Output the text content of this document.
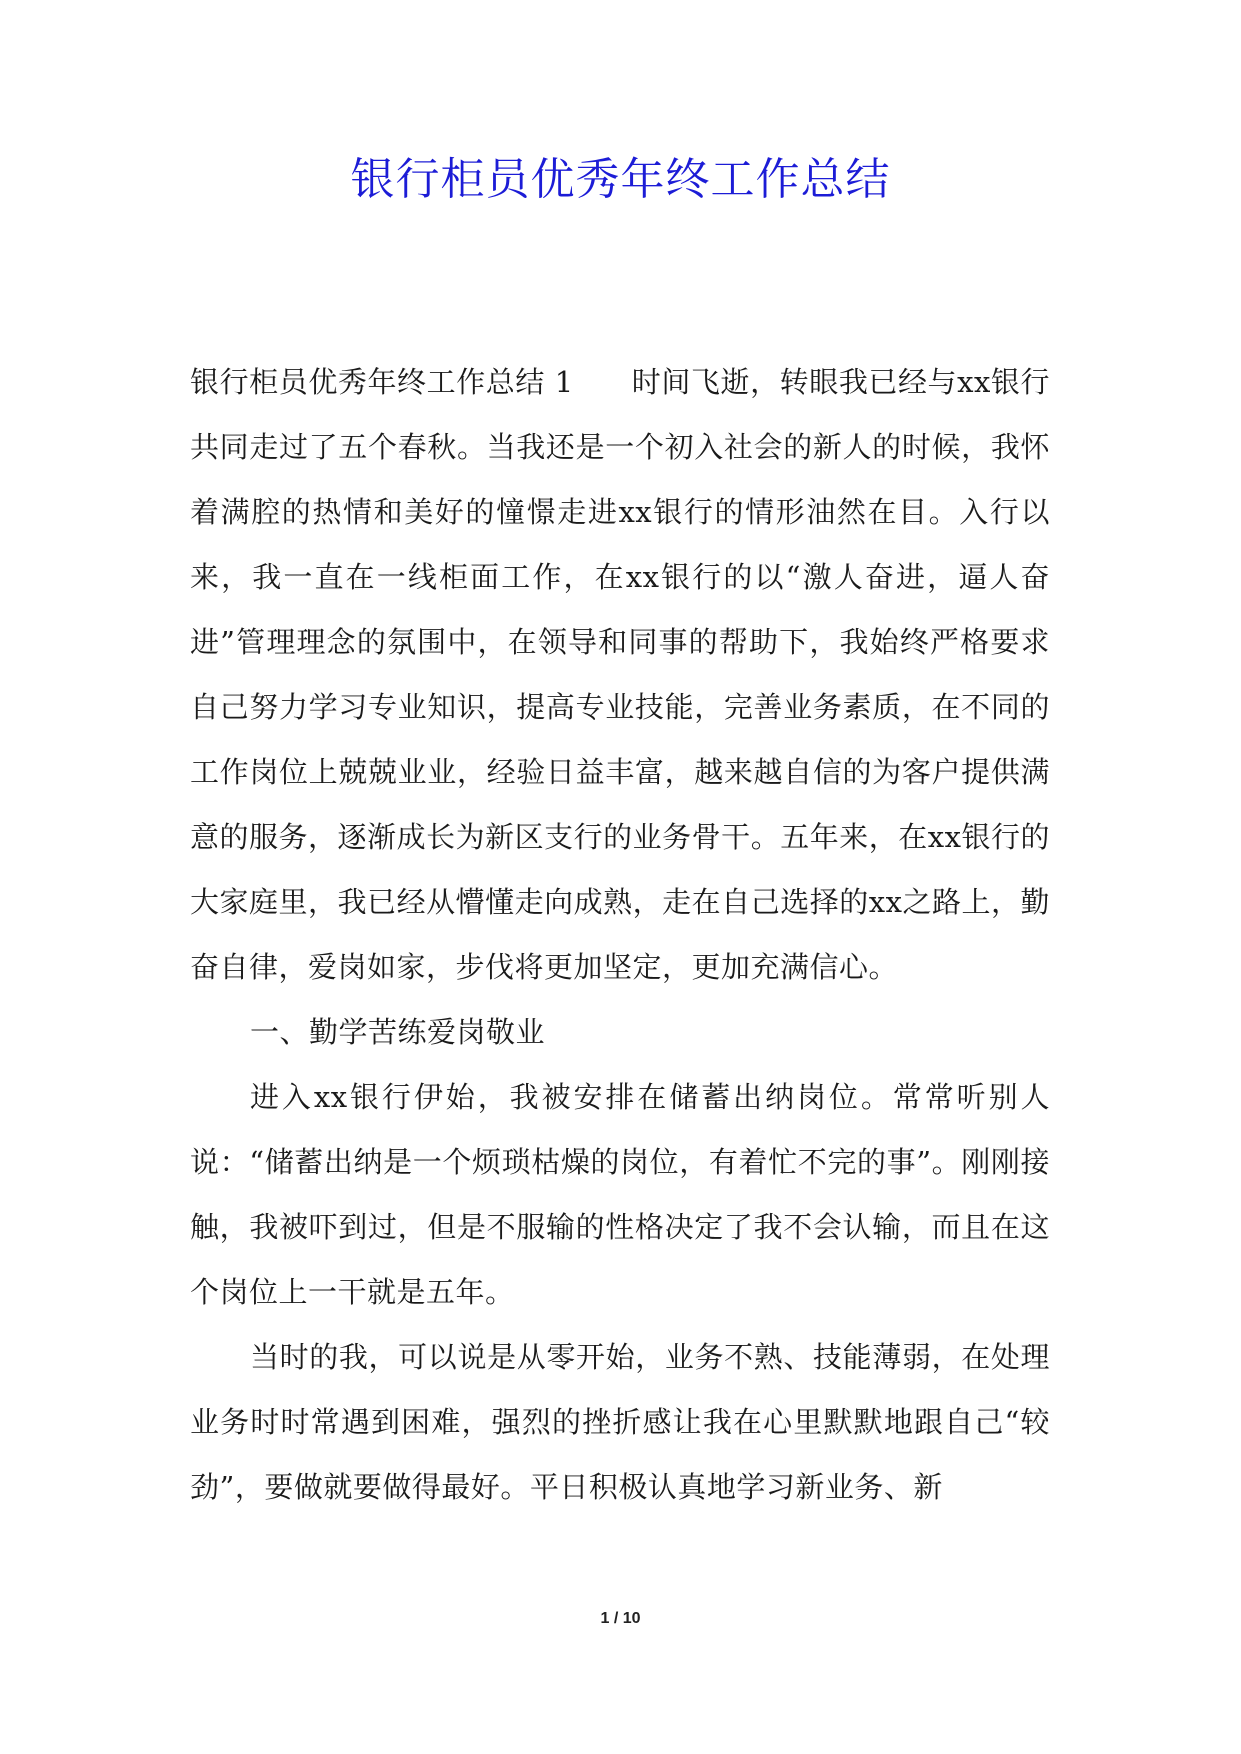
银行柜员优秀年终工作总结

银行柜员优秀年终工作总结 1 时间飞逝，转眼我已经与xx银行共同走过了五个春秋。当我还是一个初入社会的新人的时候，我怀着满腔的热情和美好的憧憬走进xx银行的情形油然在目。入行以来，我一直在一线柜面工作，在xx银行的以“激人奋进，逼人奋进”管理理念的氛围中，在领导和同事的帮助下，我始终严格要求自己努力学习专业知识，提高专业技能，完善业务素质，在不同的工作岗位上兢兢业业，经验日益丰富，越来越自信的为客户提供满意的服务，逐渐成长为新区支行的业务骨干。五年来，在xx银行的大家庭里，我已经从懵懂走向成熟，走在自己选择的xx之路上，勤奋自律，爱岗如家，步伐将更加坚定，更加充满信心。

一、勤学苦练爱岗敬业

进入xx银行伊始，我被安排在储蓄出纳岗位。常常听别人说：“储蓄出纳是一个烦琐枯燥的岗位，有着忙不完的事”。刚刚接触，我被吓到过，但是不服输的性格决定了我不会认输，而且在这个岗位上一干就是五年。

当时的我，可以说是从零开始，业务不熟、技能薄弱，在处理业务时时常遇到困难，强烈的挫折感让我在心里默默地跟自己“较劲”，要做就要做得最好。平日积极认真地学习新业务、新

1 / 10
